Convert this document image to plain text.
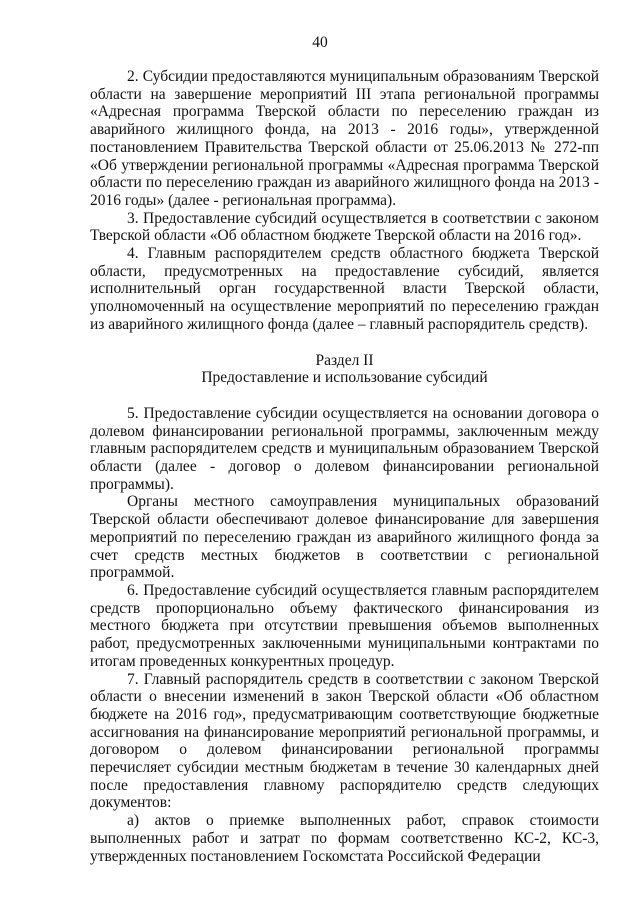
40

2. Субсидии предоставляются муниципальным образованиям Тверской области на завершение мероприятий III этапа региональной программы «Адресная программа Тверской области по переселению граждан из аварийного жилищного фонда, на 2013 - 2016 годы», утвержденной постановлением Правительства Тверской области от 25.06.2013 № 272-пп «Об утверждении региональной программы «Адресная программа Тверской области по переселению граждан из аварийного жилищного фонда на 2013 - 2016 годы» (далее - региональная программа).

3. Предоставление субсидий осуществляется в соответствии с законом Тверской области «Об областном бюджете Тверской области на 2016 год».

4. Главным распорядителем средств областного бюджета Тверской области, предусмотренных на предоставление субсидий, является исполнительный орган государственной власти Тверской области, уполномоченный на осуществление мероприятий по переселению граждан из аварийного жилищного фонда (далее – главный распорядитель средств).

Раздел II

Предоставление и использование субсидий

5. Предоставление субсидии осуществляется на основании договора о долевом финансировании региональной программы, заключенным между главным распорядителем средств и муниципальным образованием Тверской области (далее - договор о долевом финансировании региональной программы).

Органы местного самоуправления муниципальных образований Тверской области обеспечивают долевое финансирование для завершения мероприятий по переселению граждан из аварийного жилищного фонда за счет средств местных бюджетов в соответствии с региональной программой.

6. Предоставление субсидий осуществляется главным распорядителем средств пропорционально объему фактического финансирования из местного бюджета при отсутствии превышения объемов выполненных работ, предусмотренных заключенными муниципальными контрактами по итогам проведенных конкурентных процедур.

7. Главный распорядитель средств в соответствии с законом Тверской области о внесении изменений в закон Тверской области «Об областном бюджете на 2016 год», предусматривающим соответствующие бюджетные ассигнования на финансирование мероприятий региональной программы, и договором о долевом финансировании региональной программы перечисляет субсидии местным бюджетам в течение 30 календарных дней после предоставления главному распорядителю средств следующих документов:

а) актов о приемке выполненных работ, справок стоимости выполненных работ и затрат по формам соответственно КС-2, КС-3, утвержденных постановлением Госкомстата Российской Федерации
